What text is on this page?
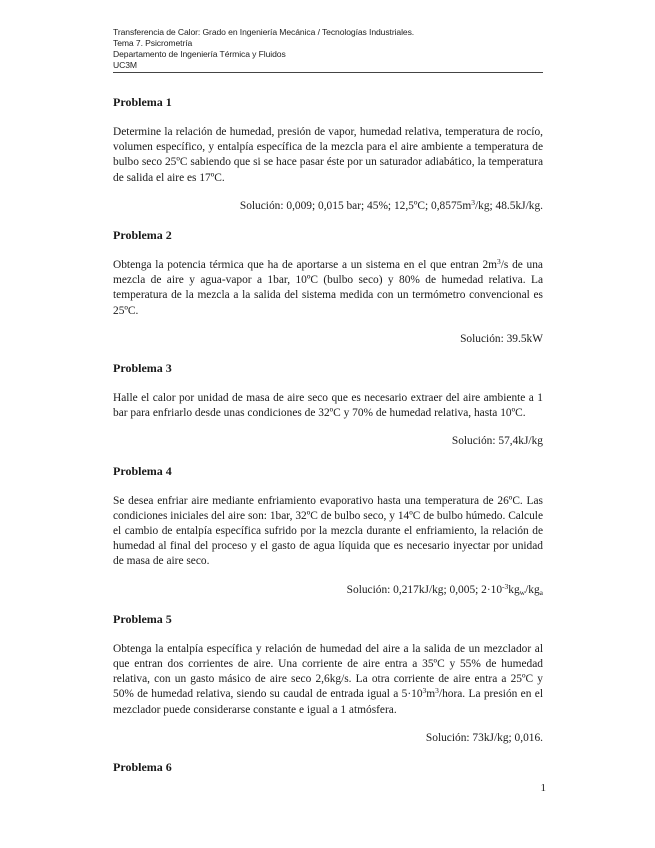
Transferencia de Calor: Grado en Ingeniería Mecánica / Tecnologías Industriales.
Tema 7. Psicrometría
Departamento de Ingeniería Térmica y Fluidos
UC3M

Problema 1

Determine la relación de humedad, presión de vapor, humedad relativa, temperatura de rocío, volumen específico, y entalpía específica de la mezcla para el aire ambiente a temperatura de bulbo seco 25ºC sabiendo que si se hace pasar éste por un saturador adiabático, la temperatura de salida el aire es 17ºC.

Solución: 0,009; 0,015 bar; 45%; 12,5ºC; $0,8575m^3/kg$; 48.5kJ/kg.

Problema 2

Obtenga la potencia térmica que ha de aportarse a un sistema en el que entran $2m^3/s$ de una mezcla de aire y agua-vapor a 1bar, 10ºC (bulbo seco) y 80% de humedad relativa. La temperatura de la mezcla a la salida del sistema medida con un termómetro convencional es 25ºC.

Solución: 39.5kW

Problema 3

Halle el calor por unidad de masa de aire seco que es necesario extraer del aire ambiente a 1 bar para enfriarlo desde unas condiciones de 32ºC y 70% de humedad relativa, hasta 10ºC.

Solución: 57,4kJ/kg

Problema 4

Se desea enfriar aire mediante enfriamiento evaporativo hasta una temperatura de 26ºC. Las condiciones iniciales del aire son: 1bar, 32ºC de bulbo seco, y 14ºC de bulbo húmedo. Calcule el cambio de entalpía específica sufrido por la mezcla durante el enfriamiento, la relación de humedad al final del proceso y el gasto de agua líquida que es necesario inyectar por unidad de masa de aire seco.

Solución: 0,217kJ/kg; 0,005; $2\cdot 10^{-3}kg_w/kg_a$

Problema 5

Obtenga la entalpía específica y relación de humedad del aire a la salida de un mezclador al que entran dos corrientes de aire. Una corriente de aire entra a 35ºC y 55% de humedad relativa, con un gasto másico de aire seco 2,6kg/s. La otra corriente de aire entra a 25ºC y 50% de humedad relativa, siendo su caudal de entrada igual a $5\cdot 10^3m^3$/hora. La presión en el mezclador puede considerarse constante e igual a 1 atmósfera.

Solución: 73kJ/kg; 0,016.

Problema 6

1
